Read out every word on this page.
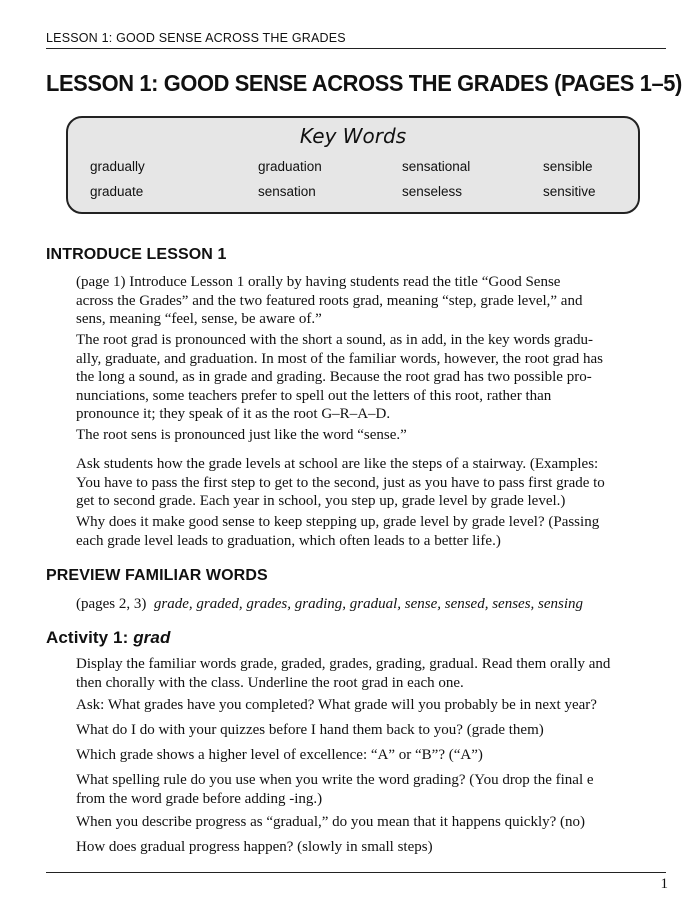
LESSON 1: GOOD SENSE ACROSS THE GRADES
LESSON 1: GOOD SENSE ACROSS THE GRADES (PAGES 1–5)
Key Words
gradually	graduation	sensational	sensible
graduate	sensation	senseless	sensitive
INTRODUCE LESSON 1
(page 1) Introduce Lesson 1 orally by having students read the title “Good Sense
across the Grades” and the two featured roots grad, meaning “step, grade level,” and
sens, meaning “feel, sense, be aware of.”
The root grad is pronounced with the short a sound, as in add, in the key words gradu-
ally, graduate, and graduation. In most of the familiar words, however, the root grad has
the long a sound, as in grade and grading. Because the root grad has two possible pro-
nunciations, some teachers prefer to spell out the letters of this root, rather than
pronounce it; they speak of it as the root G–R–A–D.
The root sens is pronounced just like the word “sense.”
Ask students how the grade levels at school are like the steps of a stairway. (Examples:
You have to pass the first step to get to the second, just as you have to pass first grade to
get to second grade. Each year in school, you step up, grade level by grade level.)
Why does it make good sense to keep stepping up, grade level by grade level? (Passing
each grade level leads to graduation, which often leads to a better life.)
PREVIEW FAMILIAR WORDS
(pages 2, 3) grade, graded, grades, grading, gradual, sense, sensed, senses, sensing
Activity 1: grad
Display the familiar words grade, graded, grades, grading, gradual. Read them orally and
then chorally with the class. Underline the root grad in each one.
Ask: What grades have you completed? What grade will you probably be in next year?
What do I do with your quizzes before I hand them back to you? (grade them)
Which grade shows a higher level of excellence: “A” or “B”? (“A”)
What spelling rule do you use when you write the word grading? (You drop the final e
from the word grade before adding -ing.)
When you describe progress as “gradual,” do you mean that it happens quickly? (no)
How does gradual progress happen? (slowly in small steps)
1
